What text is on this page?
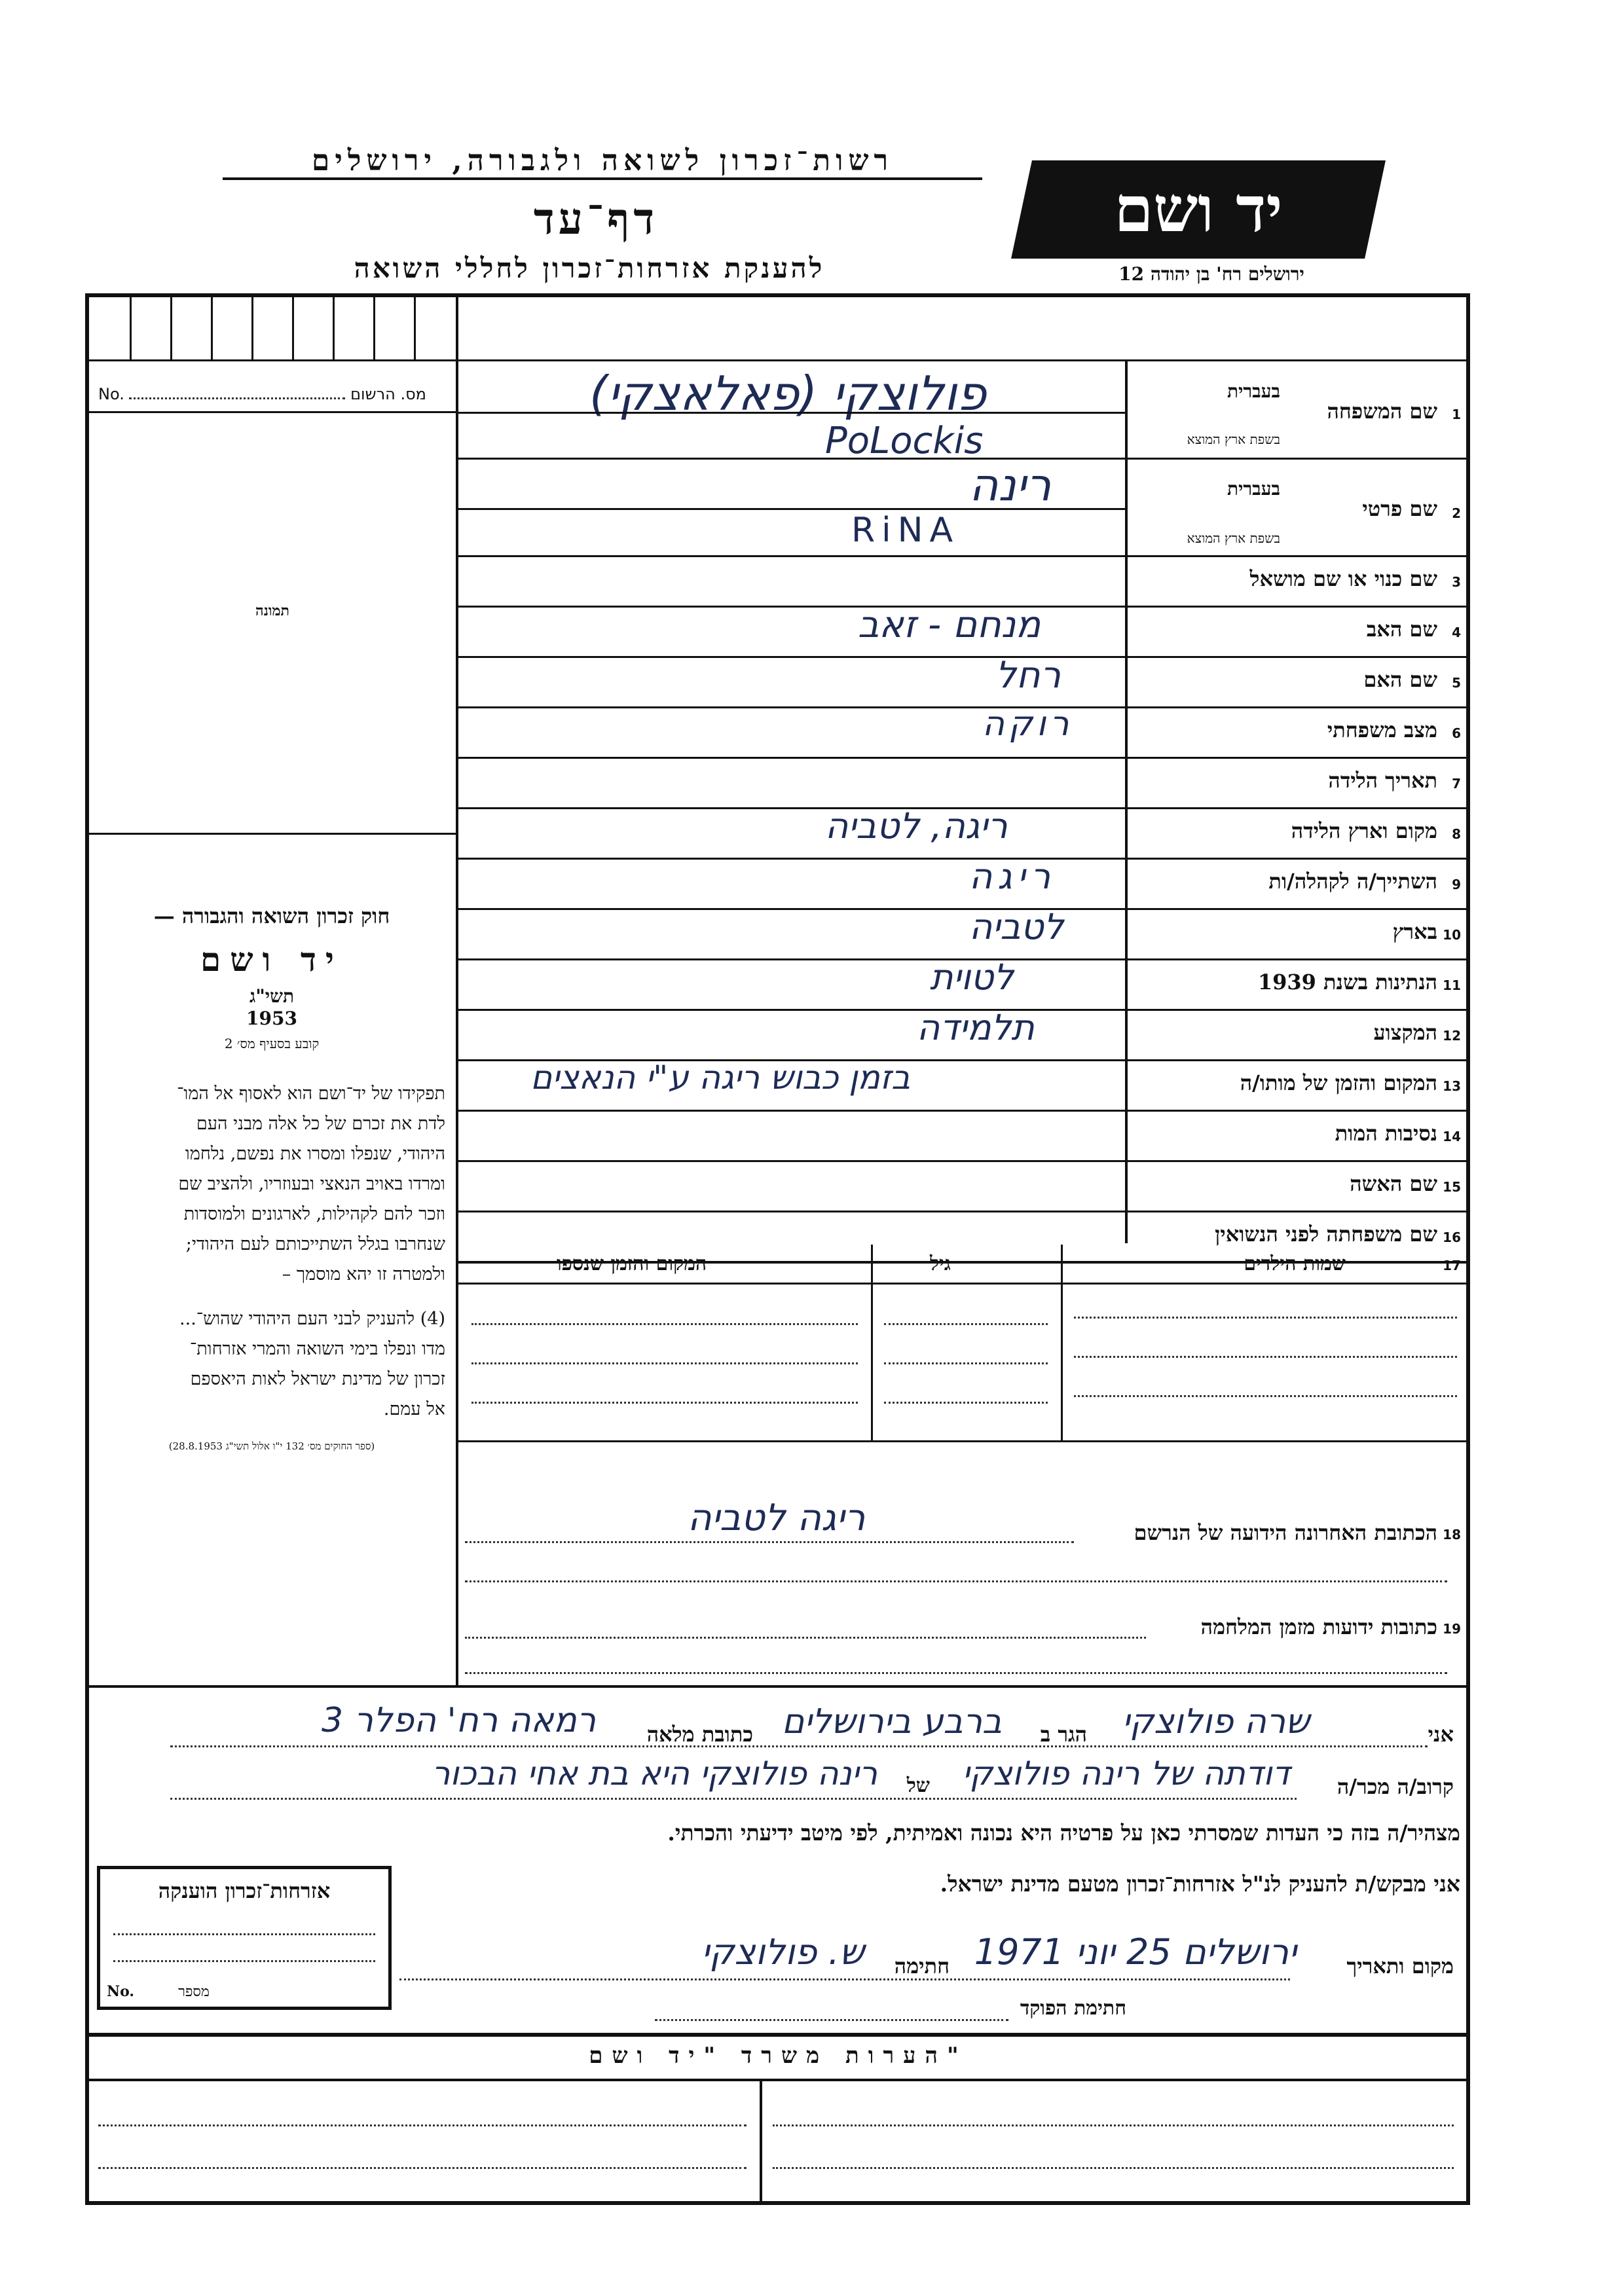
רשות־זכרון לשואה ולגבורה, ירושלים
דף־עד
להענקת אזרחות־זכרון לחללי השואה
יד ושם
ירושלים רח' בן יהודה 12
No.	מס. הרשום
תמונה
חוק זכרון השואה והגבורה —
יד ושם
תשי"ג
1953
קובע בסעיף מס׳ 2
תפקידו של יד־ושם הוא לאסוף אל המו־
לדת את זכרם של כל אלה מבני העם
היהודי, שנפלו ומסרו את נפשם, נלחמו
ומרדו באויב הנאצי ובעוזריו, ולהציב שם
וזכר להם לקהילות, לארגונים ולמוסדות
שנחרבו בגלל השתייכותם לעם היהודי;
ולמטרה זו יהא מוסמך –
(4) להעניק לבני העם היהודי שהוש־...
מדו ונפלו בימי השואה והמרי אזרחות־
זכרון של מדינת ישראל לאות היאספם
אל עמם.
(ספר החוקים מס׳ 132 י"ו אלול תשי"ג 28.8.1953)
1
שם המשפחה
בעברית
בשפת ארץ המוצא
פולוצקי (פאלאצקי)
PoLockis
2
שם פרטי
בעברית
בשפת ארץ המוצא
רינה
RiNA
3
שם כנוי או שם מושאל
4
שם האב
מנחם - זאב
5
שם האם
רחל
6
מצב משפחתי
רוקה
7
תאריך הלידה
8
מקום וארץ הלידה
ריגה, לטביה
9
השתייך/ה לקהלה/ות
ריגה
10
בארץ
לטביה
11
הנתינות בשנת 1939
לטוית
12
המקצוע
תלמידה
13
המקום והזמן של מותו/ה
בזמן כבוש ריגה ע"י הנאצים
14
נסיבות המות
15
שם האשה
16
שם משפחתה לפני הנשואין
17
שמות הילדים
גיל
המקום והזמן שנספו
18
הכתובת האחרונה הידועה של הנרשם
ריגה לטביה
19
כתובות ידועות מזמן המלחמה
אני
שרה פולוצקי
הגר ב
ברבע בירושלים
כתובת מלאה
רמאה רח' הפלר 3
קרוב/ה מכר/ה
דודתה של רינה פולוצקי
של
רינה פולוצקי היא בת אחי הבכור
מצהיר/ה בזה כי העדות שמסרתי כאן על פרטיה היא נכונה ואמיתית, לפי מיטב ידיעתי והכרתי.
אני מבקש/ת להעניק לנ"ל אזרחות־זכרון מטעם מדינת ישראל.
אזרחות־זכרון הוענקה
No.	מספר
מקום ותאריך
ירושלים 25 יוני 1971
חתימה
ש. פולוצקי
חתימת הפוקד
הערות משרד "יד ושם"
